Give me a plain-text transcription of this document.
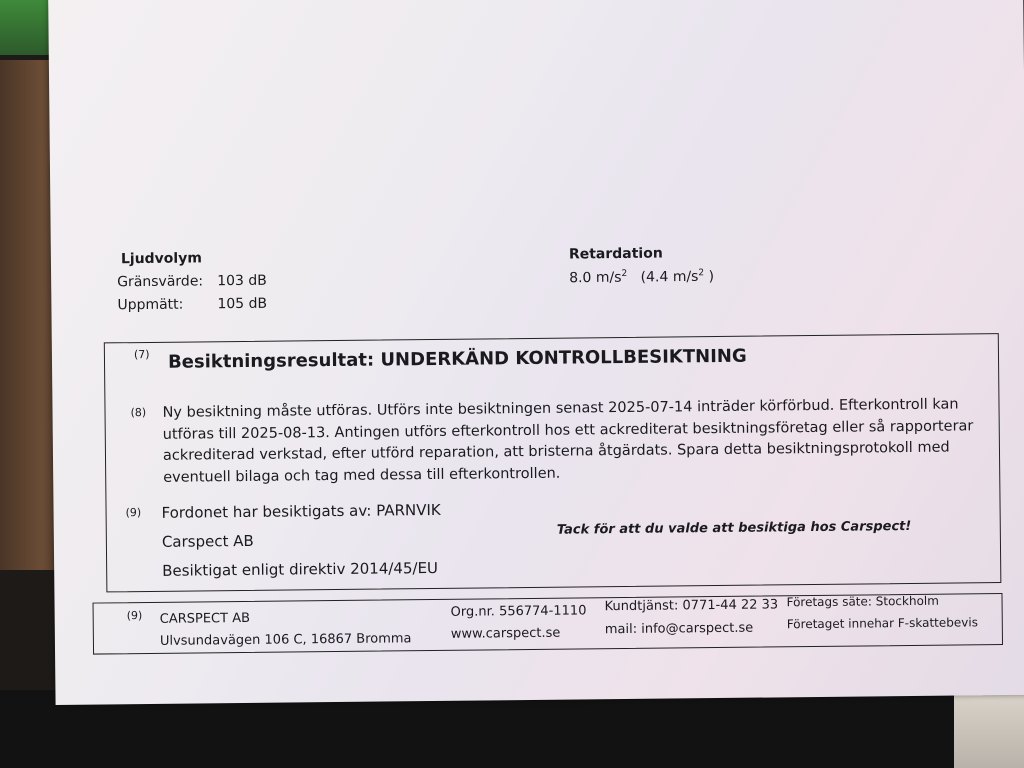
Ljudvolym
Gränsvärde: 103 dB
Uppmätt: 105 dB
Retardation
8.0 $m/s^2$ (4.4 $m/s^2$ )
(7) Besiktningsresultat: UNDERKÄND KONTROLLBESIKTNING
(8) Ny besiktning måste utföras. Utförs inte besiktningen senast 2025-07-14 inträder körförbud. Efterkontroll kan utföras till 2025-08-13. Antingen utförs efterkontroll hos ett ackrediterat besiktningsföretag eller så rapporterar ackrediterad verkstad, efter utförd reparation, att bristerna åtgärdats. Spara detta besiktningsprotokoll med eventuell bilaga och tag med dessa till efterkontrollen.
(9) Fordonet har besiktigats av: PARNVIK
Carspect AB
Besiktigat enligt direktiv 2014/45/EU
Tack för att du valde att besiktiga hos Carspect!
(9) CARSPECT AB
Ulvsundavägen 106 C, 16867 Bromma
Org.nr. 556774-1110
www.carspect.se
Kundtjänst: 0771-44 22 33
mail: info@carspect.se
Företags säte: Stockholm
Företaget innehar F-skattebevis
